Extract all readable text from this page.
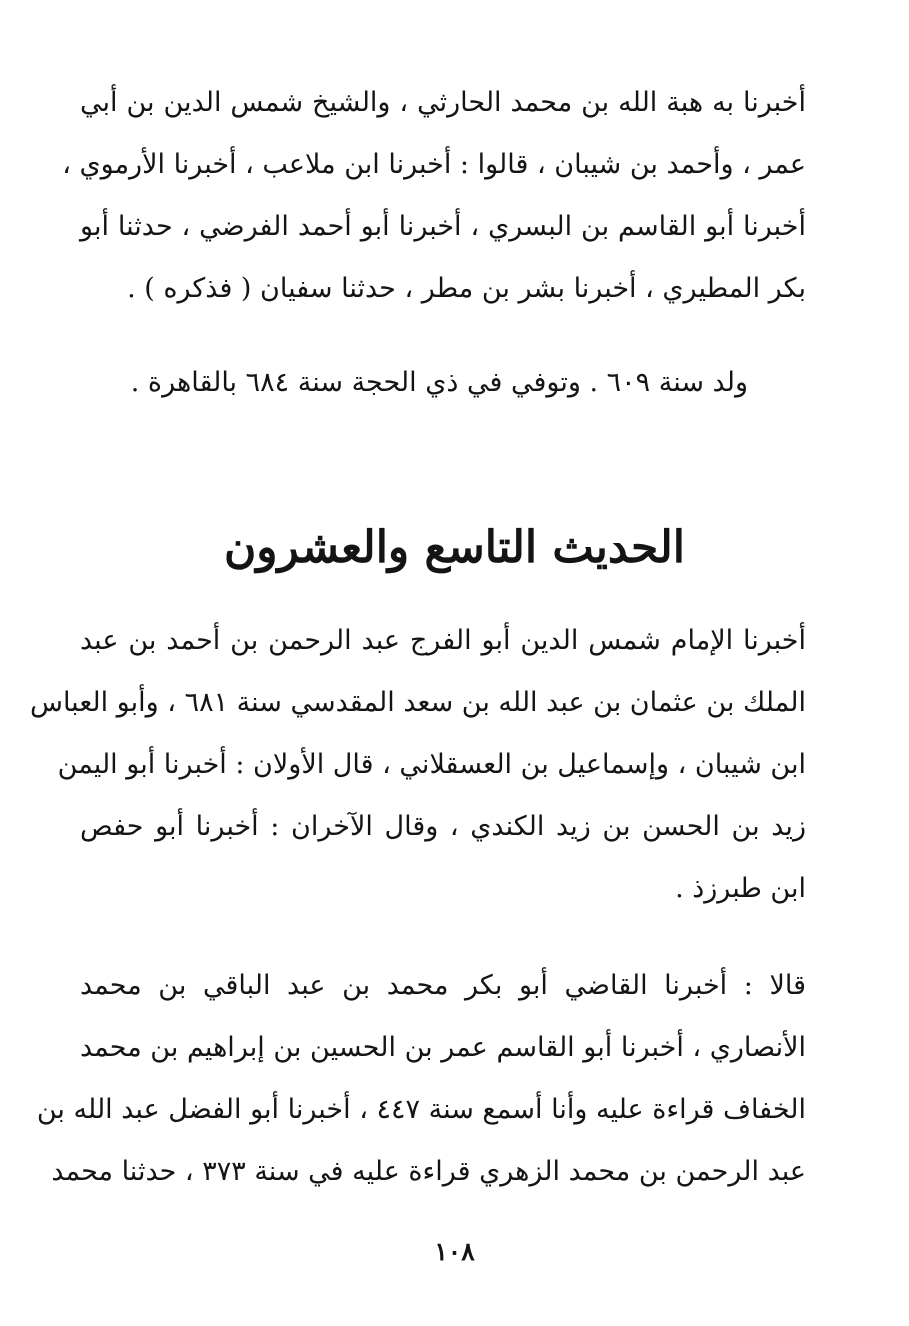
أخبرنا به هبة الله بن محمد الحارثي ، والشيخ شمس الدين بن أبي
عمر ، وأحمد بن شيبان ، قالوا : أخبرنا ابن ملاعب ، أخبرنا الأرموي ،
أخبرنا أبو القاسم بن البسري ، أخبرنا أبو أحمد الفرضي ، حدثنا أبو
بكر المطيري ، أخبرنا بشر بن مطر ، حدثنا سفيان ( فذكره ) .
ولد سنة ٦٠٩ . وتوفي في ذي الحجة سنة ٦٨٤ بالقاهرة .
الحديث التاسع والعشرون
أخبرنا الإمام شمس الدين أبو الفرج عبد الرحمن بن أحمد بن عبد
الملك بن عثمان بن عبد الله بن سعد المقدسي سنة ٦٨١ ، وأبو العباس
ابن شيبان ، وإسماعيل بن العسقلاني ، قال الأولان : أخبرنا أبو اليمن
زيد بن الحسن بن زيد الكندي ، وقال الآخران : أخبرنا أبو حفص
ابن طبرزذ .
قالا : أخبرنا القاضي أبو بكر محمد بن عبد الباقي بن محمد
الأنصاري ، أخبرنا أبو القاسم عمر بن الحسين بن إبراهيم بن محمد
الخفاف قراءة عليه وأنا أسمع سنة ٤٤٧ ، أخبرنا أبو الفضل عبد الله بن
عبد الرحمن بن محمد الزهري قراءة عليه في سنة ٣٧٣ ، حدثنا محمد
١٠٨
